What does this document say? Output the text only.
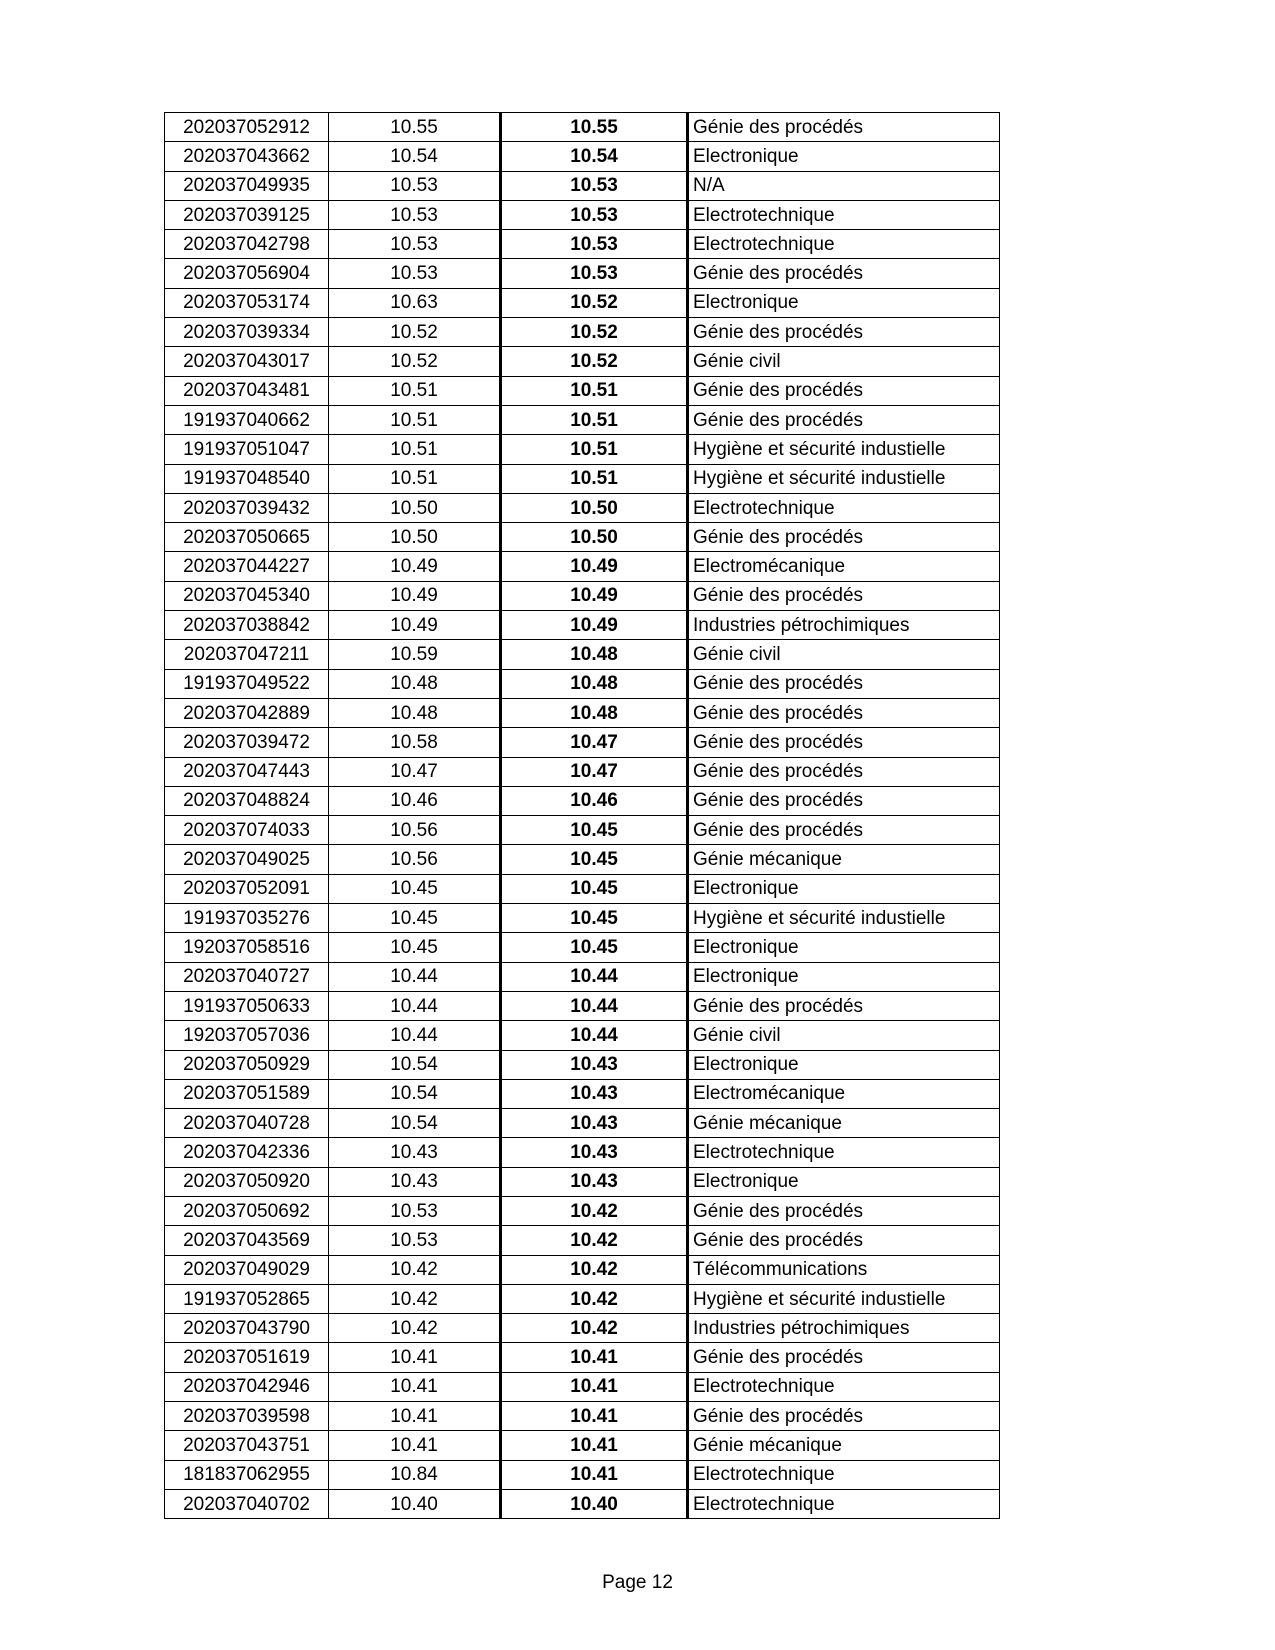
202037052912	10.55	10.55	Génie des procédés
202037043662	10.54	10.54	Electronique
202037049935	10.53	10.53	N/A
202037039125	10.53	10.53	Electrotechnique
202037042798	10.53	10.53	Electrotechnique
202037056904	10.53	10.53	Génie des procédés
202037053174	10.63	10.52	Electronique
202037039334	10.52	10.52	Génie des procédés
202037043017	10.52	10.52	Génie civil
202037043481	10.51	10.51	Génie des procédés
191937040662	10.51	10.51	Génie des procédés
191937051047	10.51	10.51	Hygiène et sécurité industielle
191937048540	10.51	10.51	Hygiène et sécurité industielle
202037039432	10.50	10.50	Electrotechnique
202037050665	10.50	10.50	Génie des procédés
202037044227	10.49	10.49	Electromécanique
202037045340	10.49	10.49	Génie des procédés
202037038842	10.49	10.49	Industries pétrochimiques
202037047211	10.59	10.48	Génie civil
191937049522	10.48	10.48	Génie des procédés
202037042889	10.48	10.48	Génie des procédés
202037039472	10.58	10.47	Génie des procédés
202037047443	10.47	10.47	Génie des procédés
202037048824	10.46	10.46	Génie des procédés
202037074033	10.56	10.45	Génie des procédés
202037049025	10.56	10.45	Génie mécanique
202037052091	10.45	10.45	Electronique
191937035276	10.45	10.45	Hygiène et sécurité industielle
192037058516	10.45	10.45	Electronique
202037040727	10.44	10.44	Electronique
191937050633	10.44	10.44	Génie des procédés
192037057036	10.44	10.44	Génie civil
202037050929	10.54	10.43	Electronique
202037051589	10.54	10.43	Electromécanique
202037040728	10.54	10.43	Génie mécanique
202037042336	10.43	10.43	Electrotechnique
202037050920	10.43	10.43	Electronique
202037050692	10.53	10.42	Génie des procédés
202037043569	10.53	10.42	Génie des procédés
202037049029	10.42	10.42	Télécommunications
191937052865	10.42	10.42	Hygiène et sécurité industielle
202037043790	10.42	10.42	Industries pétrochimiques
202037051619	10.41	10.41	Génie des procédés
202037042946	10.41	10.41	Electrotechnique
202037039598	10.41	10.41	Génie des procédés
202037043751	10.41	10.41	Génie mécanique
181837062955	10.84	10.41	Electrotechnique
202037040702	10.40	10.40	Electrotechnique
Page 12
